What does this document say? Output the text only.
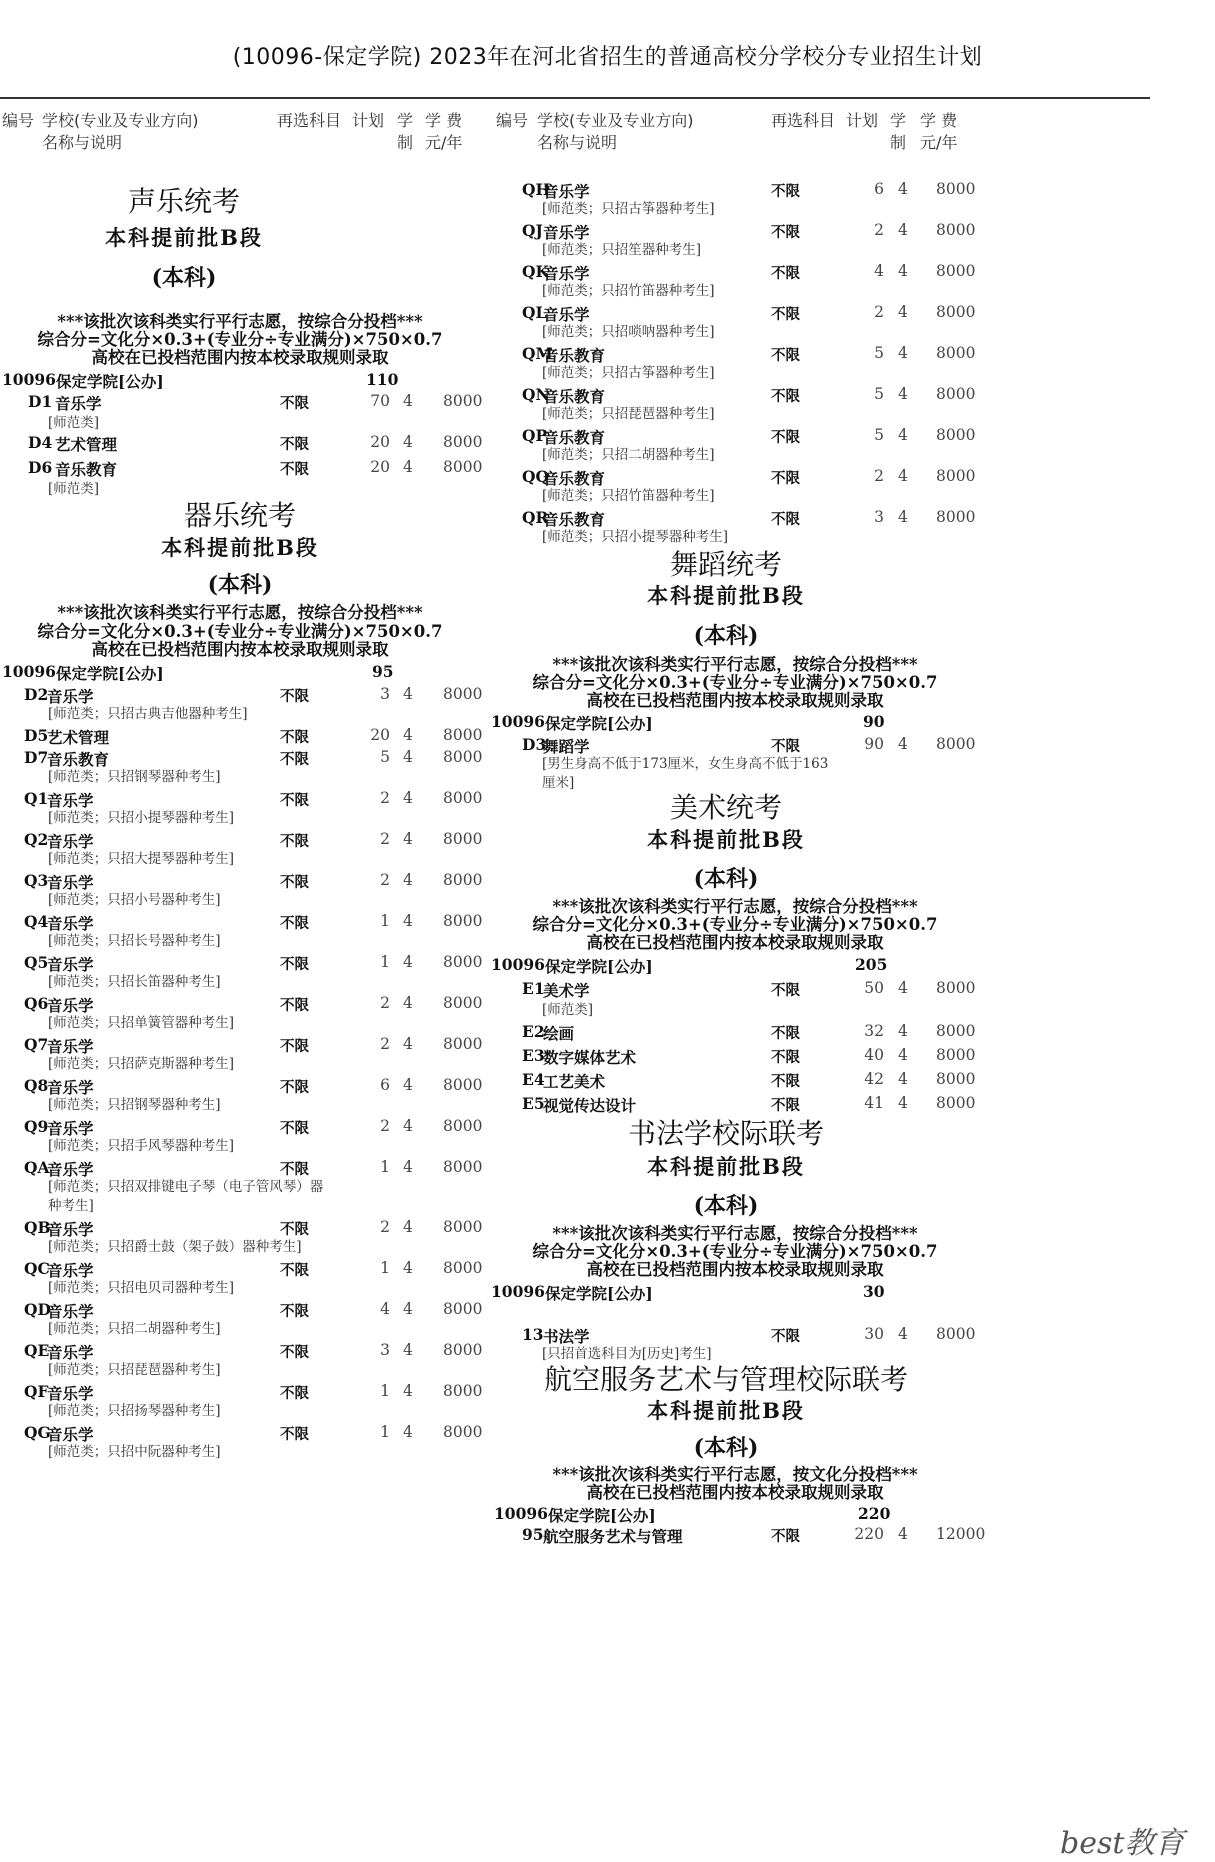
(10096-保定学院) 2023年在河北省招生的普通高校分学校分专业招生计划
编号 学校(专业及专业方向)
名称与说明
再选科目 计划 学
制
学 费
元/年
编号 学校(专业及专业方向)
名称与说明
再选科目 计划 学
制
学 费
元/年
声乐统考
本科提前批B段
(本科)
***该批次该科类实行平行志愿，按综合分投档***
综合分=文化分×0.3+(专业分÷专业满分)×750×0.7
高校在已投档范围内按本校录取规则录取
10096 保定学院[公办]	110
D1 音乐学	不限	70 4 8000
[师范类]
D4 艺术管理	不限	20 4 8000
D6 音乐教育	不限	20 4 8000
[师范类]
器乐统考
本科提前批B段
(本科)
***该批次该科类实行平行志愿，按综合分投档***
综合分=文化分×0.3+(专业分÷专业满分)×750×0.7
高校在已投档范围内按本校录取规则录取
10096 保定学院[公办]	95
D2
音乐学	不限	3 4 8000
[师范类；只招古典吉他器种考生]
D5
艺术管理	不限	20 4 8000
D7
音乐教育	不限	5 4 8000
[师范类；只招钢琴器种考生]
Q1
音乐学	不限	2 4 8000
[师范类；只招小提琴器种考生]
Q2
音乐学	不限	2 4 8000
[师范类；只招大提琴器种考生]
Q3
音乐学	不限	2 4 8000
[师范类；只招小号器种考生]
Q4
音乐学	不限	1 4 8000
[师范类；只招长号器种考生]
Q5
音乐学	不限	1 4 8000
[师范类；只招长笛器种考生]
Q6
音乐学	不限	2 4 8000
[师范类；只招单簧管器种考生]
Q7
音乐学	不限	2 4 8000
[师范类；只招萨克斯器种考生]
Q8
音乐学	不限	6 4 8000
[师范类；只招钢琴器种考生]
Q9
音乐学	不限	2 4 8000
[师范类；只招手风琴器种考生]
QA
音乐学	不限	1 4 8000
[师范类；只招双排键电子琴（电子管风琴）器
种考生]
QB
音乐学	不限	2 4 8000
[师范类；只招爵士鼓（架子鼓）器种考生]
QC
音乐学	不限	1 4 8000
[师范类；只招电贝司器种考生]
QD
音乐学	不限	4 4 8000
[师范类；只招二胡器种考生]
QE
音乐学	不限	3 4 8000
[师范类；只招琵琶器种考生]
QF
音乐学	不限	1 4 8000
[师范类；只招扬琴器种考生]
QG
音乐学	不限	1 4 8000
[师范类；只招中阮器种考生]
QH
音乐学	不限	6 4 8000
[师范类；只招古筝器种考生]
QJ 音乐学	不限	2 4 8000
[师范类；只招笙器种考生]
QK
音乐学	不限	4 4 8000
[师范类；只招竹笛器种考生]
QL
音乐学	不限	2 4 8000
[师范类；只招唢呐器种考生]
QM
音乐教育	不限	5 4 8000
[师范类；只招古筝器种考生]
QN
音乐教育	不限	5 4 8000
[师范类；只招琵琶器种考生]
QP
音乐教育	不限	5 4 8000
[师范类；只招二胡器种考生]
QQ
音乐教育	不限	2 4 8000
[师范类；只招竹笛器种考生]
QR
音乐教育	不限	3 4 8000
[师范类；只招小提琴器种考生]
舞蹈统考
本科提前批B段
(本科)
***该批次该科类实行平行志愿，按综合分投档***
综合分=文化分×0.3+(专业分÷专业满分)×750×0.7
高校在已投档范围内按本校录取规则录取
10096 保定学院[公办]	90
D3
舞蹈学	不限	90 4 8000
[男生身高不低于173厘米，女生身高不低于163
厘米]
美术统考
本科提前批B段
(本科)
***该批次该科类实行平行志愿，按综合分投档***
综合分=文化分×0.3+(专业分÷专业满分)×750×0.7
高校在已投档范围内按本校录取规则录取
10096 保定学院[公办]	205
E1
美术学	不限	50 4 8000
[师范类]
E2
绘画	不限	32 4 8000
E3
数字媒体艺术	不限	40 4 8000
E4
工艺美术	不限	42 4 8000
E5
视觉传达设计	不限	41 4 8000
书法学校际联考
本科提前批B段
(本科)
***该批次该科类实行平行志愿，按综合分投档***
综合分=文化分×0.3+(专业分÷专业满分)×750×0.7
高校在已投档范围内按本校录取规则录取
10096 保定学院[公办]	30
13 书法学	不限	30 4 8000
[只招首选科目为[历史]考生]
航空服务艺术与管理校际联考
本科提前批B段
(本科)
***该批次该科类实行平行志愿，按文化分投档***
高校在已投档范围内按本校录取规则录取
10096 保定学院[公办]	220
95 航空服务艺术与管理	不限	220 4 12000
best教育
